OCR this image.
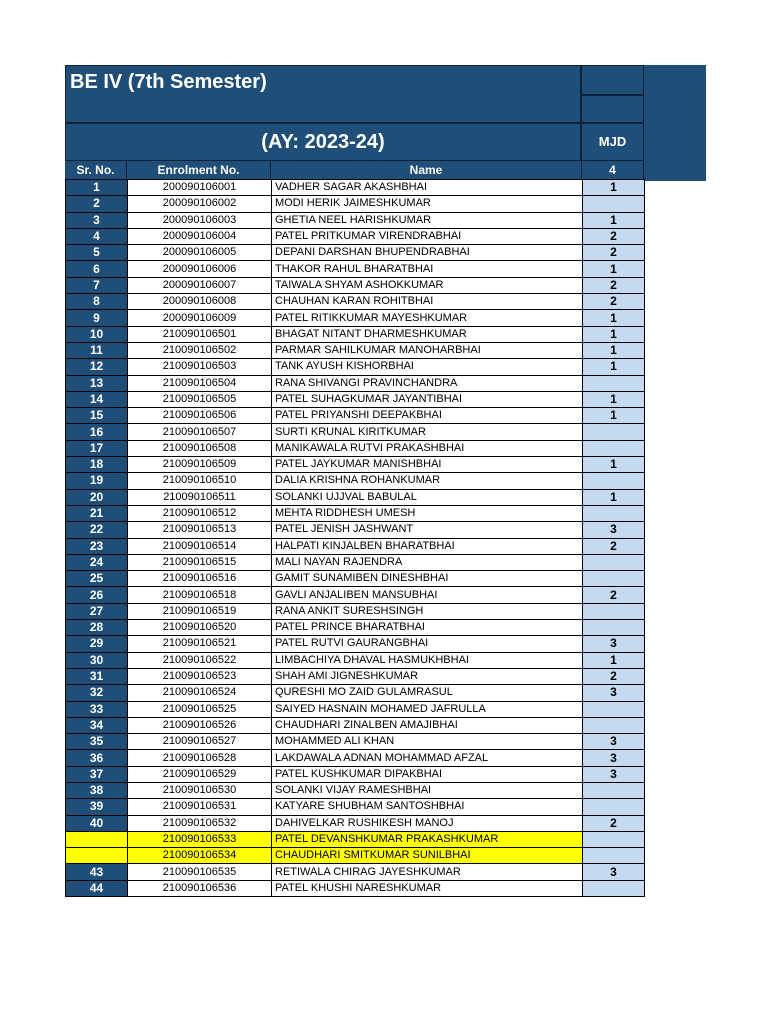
BE IV (7th Semester)
(AY: 2023-24)	MJD
Sr. No.	Enrolment No.	Name	4
1	200090106001	VADHER SAGAR AKASHBHAI	1
2	200090106002	MODI HERIK JAIMESHKUMAR	
3	200090106003	GHETIA NEEL HARISHKUMAR	1
4	200090106004	PATEL PRITKUMAR VIRENDRABHAI	2
5	200090106005	DEPANI DARSHAN BHUPENDRABHAI	2
6	200090106006	THAKOR RAHUL BHARATBHAI	1
7	200090106007	TAIWALA SHYAM ASHOKKUMAR	2
8	200090106008	CHAUHAN KARAN ROHITBHAI	2
9	200090106009	PATEL RITIKKUMAR MAYESHKUMAR	1
10	210090106501	BHAGAT NITANT DHARMESHKUMAR	1
11	210090106502	PARMAR SAHILKUMAR MANOHARBHAI	1
12	210090106503	TANK AYUSH KISHORBHAI	1
13	210090106504	RANA SHIVANGI PRAVINCHANDRA	
14	210090106505	PATEL SUHAGKUMAR JAYANTIBHAI	1
15	210090106506	PATEL PRIYANSHI DEEPAKBHAI	1
16	210090106507	SURTI KRUNAL KIRITKUMAR	
17	210090106508	MANIKAWALA RUTVI PRAKASHBHAI	
18	210090106509	PATEL JAYKUMAR MANISHBHAI	1
19	210090106510	DALIA KRISHNA ROHANKUMAR	
20	210090106511	SOLANKI UJJVAL BABULAL	1
21	210090106512	MEHTA RIDDHESH UMESH	
22	210090106513	PATEL JENISH JASHWANT	3
23	210090106514	HALPATI KINJALBEN BHARATBHAI	2
24	210090106515	MALI NAYAN RAJENDRA	
25	210090106516	GAMIT SUNAMIBEN DINESHBHAI	
26	210090106518	GAVLI ANJALIBEN MANSUBHAI	2
27	210090106519	RANA ANKIT SURESHSINGH	
28	210090106520	PATEL PRINCE BHARATBHAI	
29	210090106521	PATEL RUTVI GAURANGBHAI	3
30	210090106522	LIMBACHIYA DHAVAL HASMUKHBHAI	1
31	210090106523	SHAH AMI JIGNESHKUMAR	2
32	210090106524	QURESHI MO ZAID GULAMRASUL	3
33	210090106525	SAIYED HASNAIN MOHAMED JAFRULLA	
34	210090106526	CHAUDHARI ZINALBEN AMAJIBHAI	
35	210090106527	MOHAMMED ALI KHAN	3
36	210090106528	LAKDAWALA ADNAN MOHAMMAD AFZAL	3
37	210090106529	PATEL KUSHKUMAR DIPAKBHAI	3
38	210090106530	SOLANKI VIJAY RAMESHBHAI	
39	210090106531	KATYARE SHUBHAM SANTOSHBHAI	
40	210090106532	DAHIVELKAR RUSHIKESH MANOJ	2
41	210090106533	PATEL DEVANSHKUMAR PRAKASHKUMAR	
42	210090106534	CHAUDHARI SMITKUMAR SUNILBHAI	
43	210090106535	RETIWALA CHIRAG JAYESHKUMAR	3
44	210090106536	PATEL KHUSHI NARESHKUMAR	
